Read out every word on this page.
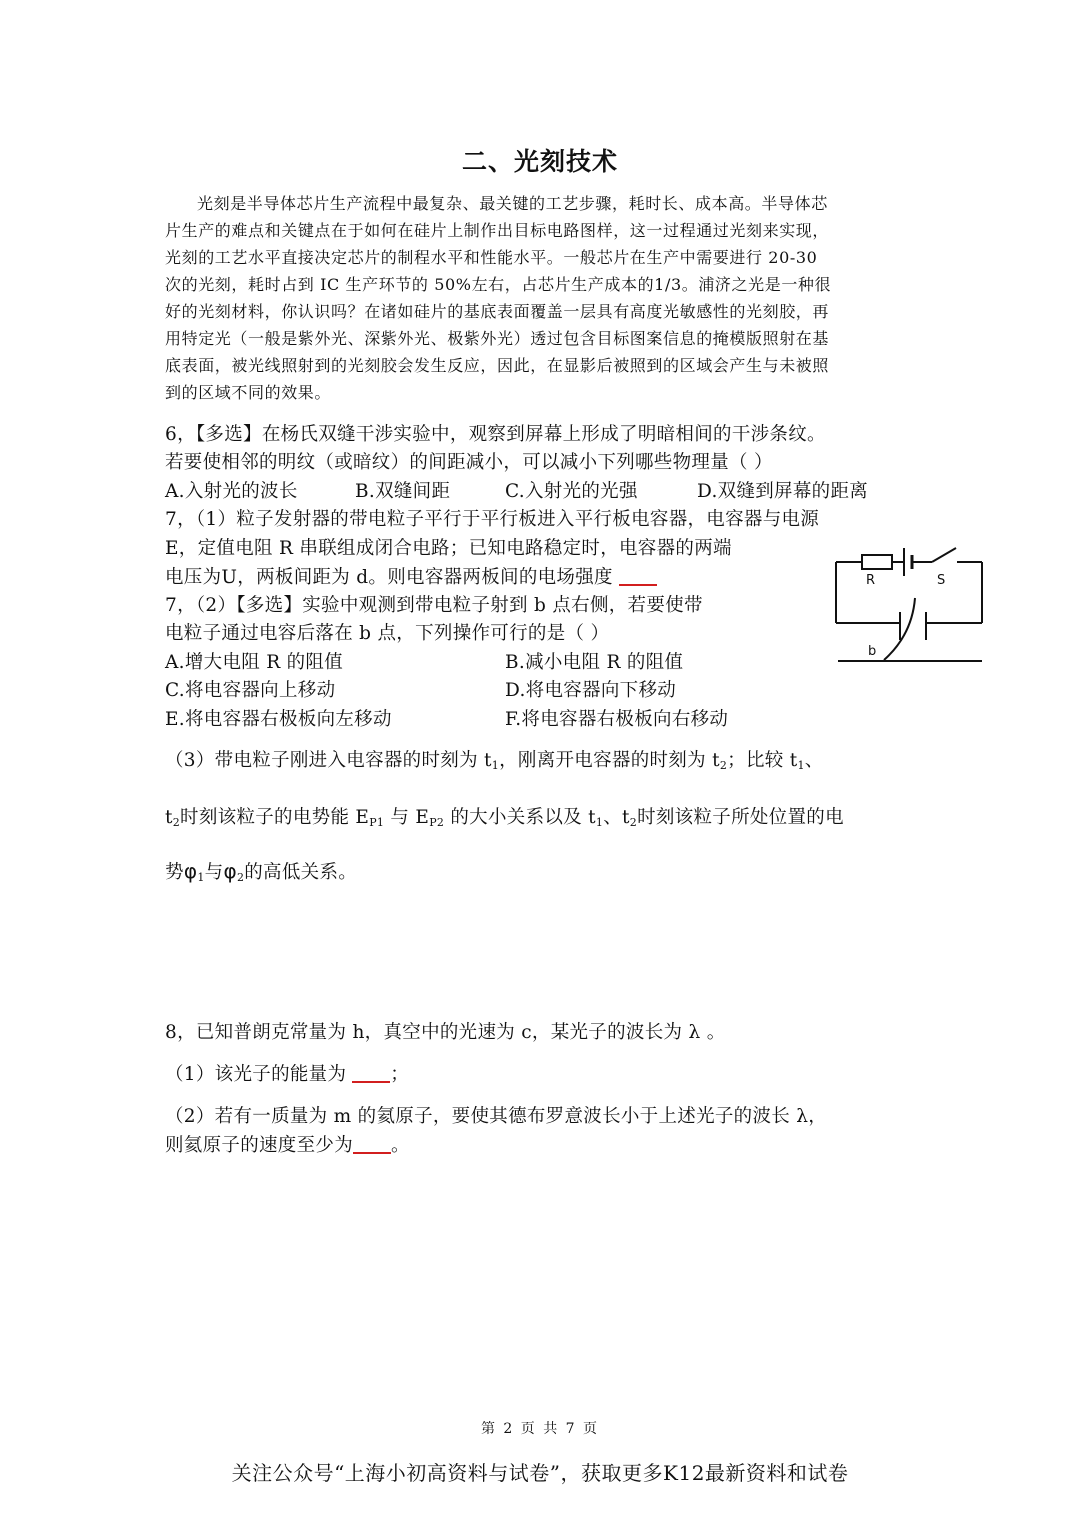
二、光刻技术
光刻是半导体芯片生产流程中最复杂、最关键的工艺步骤，耗时长、成本高。半导体芯
片生产的难点和关键点在于如何在硅片上制作出目标电路图样，这一过程通过光刻来实现，
光刻的工艺水平直接决定芯片的制程水平和性能水平。一般芯片在生产中需要进行 20-30
次的光刻，耗时占到 IC 生产环节的 50%左右，占芯片生产成本的1/3。浦济之光是一种很
好的光刻材料，你认识吗？在诸如硅片的基底表面覆盖一层具有高度光敏感性的光刻胶，再
用特定光（一般是紫外光、深紫外光、极紫外光）透过包含目标图案信息的掩模版照射在基
底表面，被光线照射到的光刻胶会发生反应，因此，在显影后被照到的区域会产生与未被照
到的区域不同的效果。
6，【多选】在杨氏双缝干涉实验中，观察到屏幕上形成了明暗相间的干涉条纹。
若要使相邻的明纹（或暗纹）的间距减小，可以减小下列哪些物理量（ ）
A.入射光的波长	B.双缝间距	C.入射光的光强	D.双缝到屏幕的距离
7，（1）粒子发射器的带电粒子平行于平行板进入平行板电容器，电容器与电源
E，定值电阻 R 串联组成闭合电路；已知电路稳定时，电容器的两端
电压为U，两板间距为 d。则电容器两板间的电场强度
7，（2）【多选】实验中观测到带电粒子射到 b 点右侧，若要使带
电粒子通过电容后落在 b 点，下列操作可行的是（ ）
A.增大电阻 R 的阻值	B.减小电阻 R 的阻值
C.将电容器向上移动	D.将电容器向下移动
E.将电容器右极板向左移动	F.将电容器右极板向右移动
R	S
b
（3）带电粒子刚进入电容器的时刻为 $t_1$，刚离开电容器的时刻为 $t_2$；比较 $t_1$、
$t_2$时刻该粒子的电势能 $E_{P1}$ 与 $E_{P2}$ 的大小关系以及 $t_1$、$t_2$时刻该粒子所处位置的电
势$\varphi_1$与$\varphi_2$的高低关系。
8，已知普朗克常量为 h，真空中的光速为 c，某光子的波长为 λ 。
（1）该光子的能量为 ；
（2）若有一质量为 m 的氦原子，要使其德布罗意波长小于上述光子的波长 λ，
则氦原子的速度至少为 。
第 2 页 共 7 页
关注公众号“上海小初高资料与试卷”，获取更多K12最新资料和试卷
